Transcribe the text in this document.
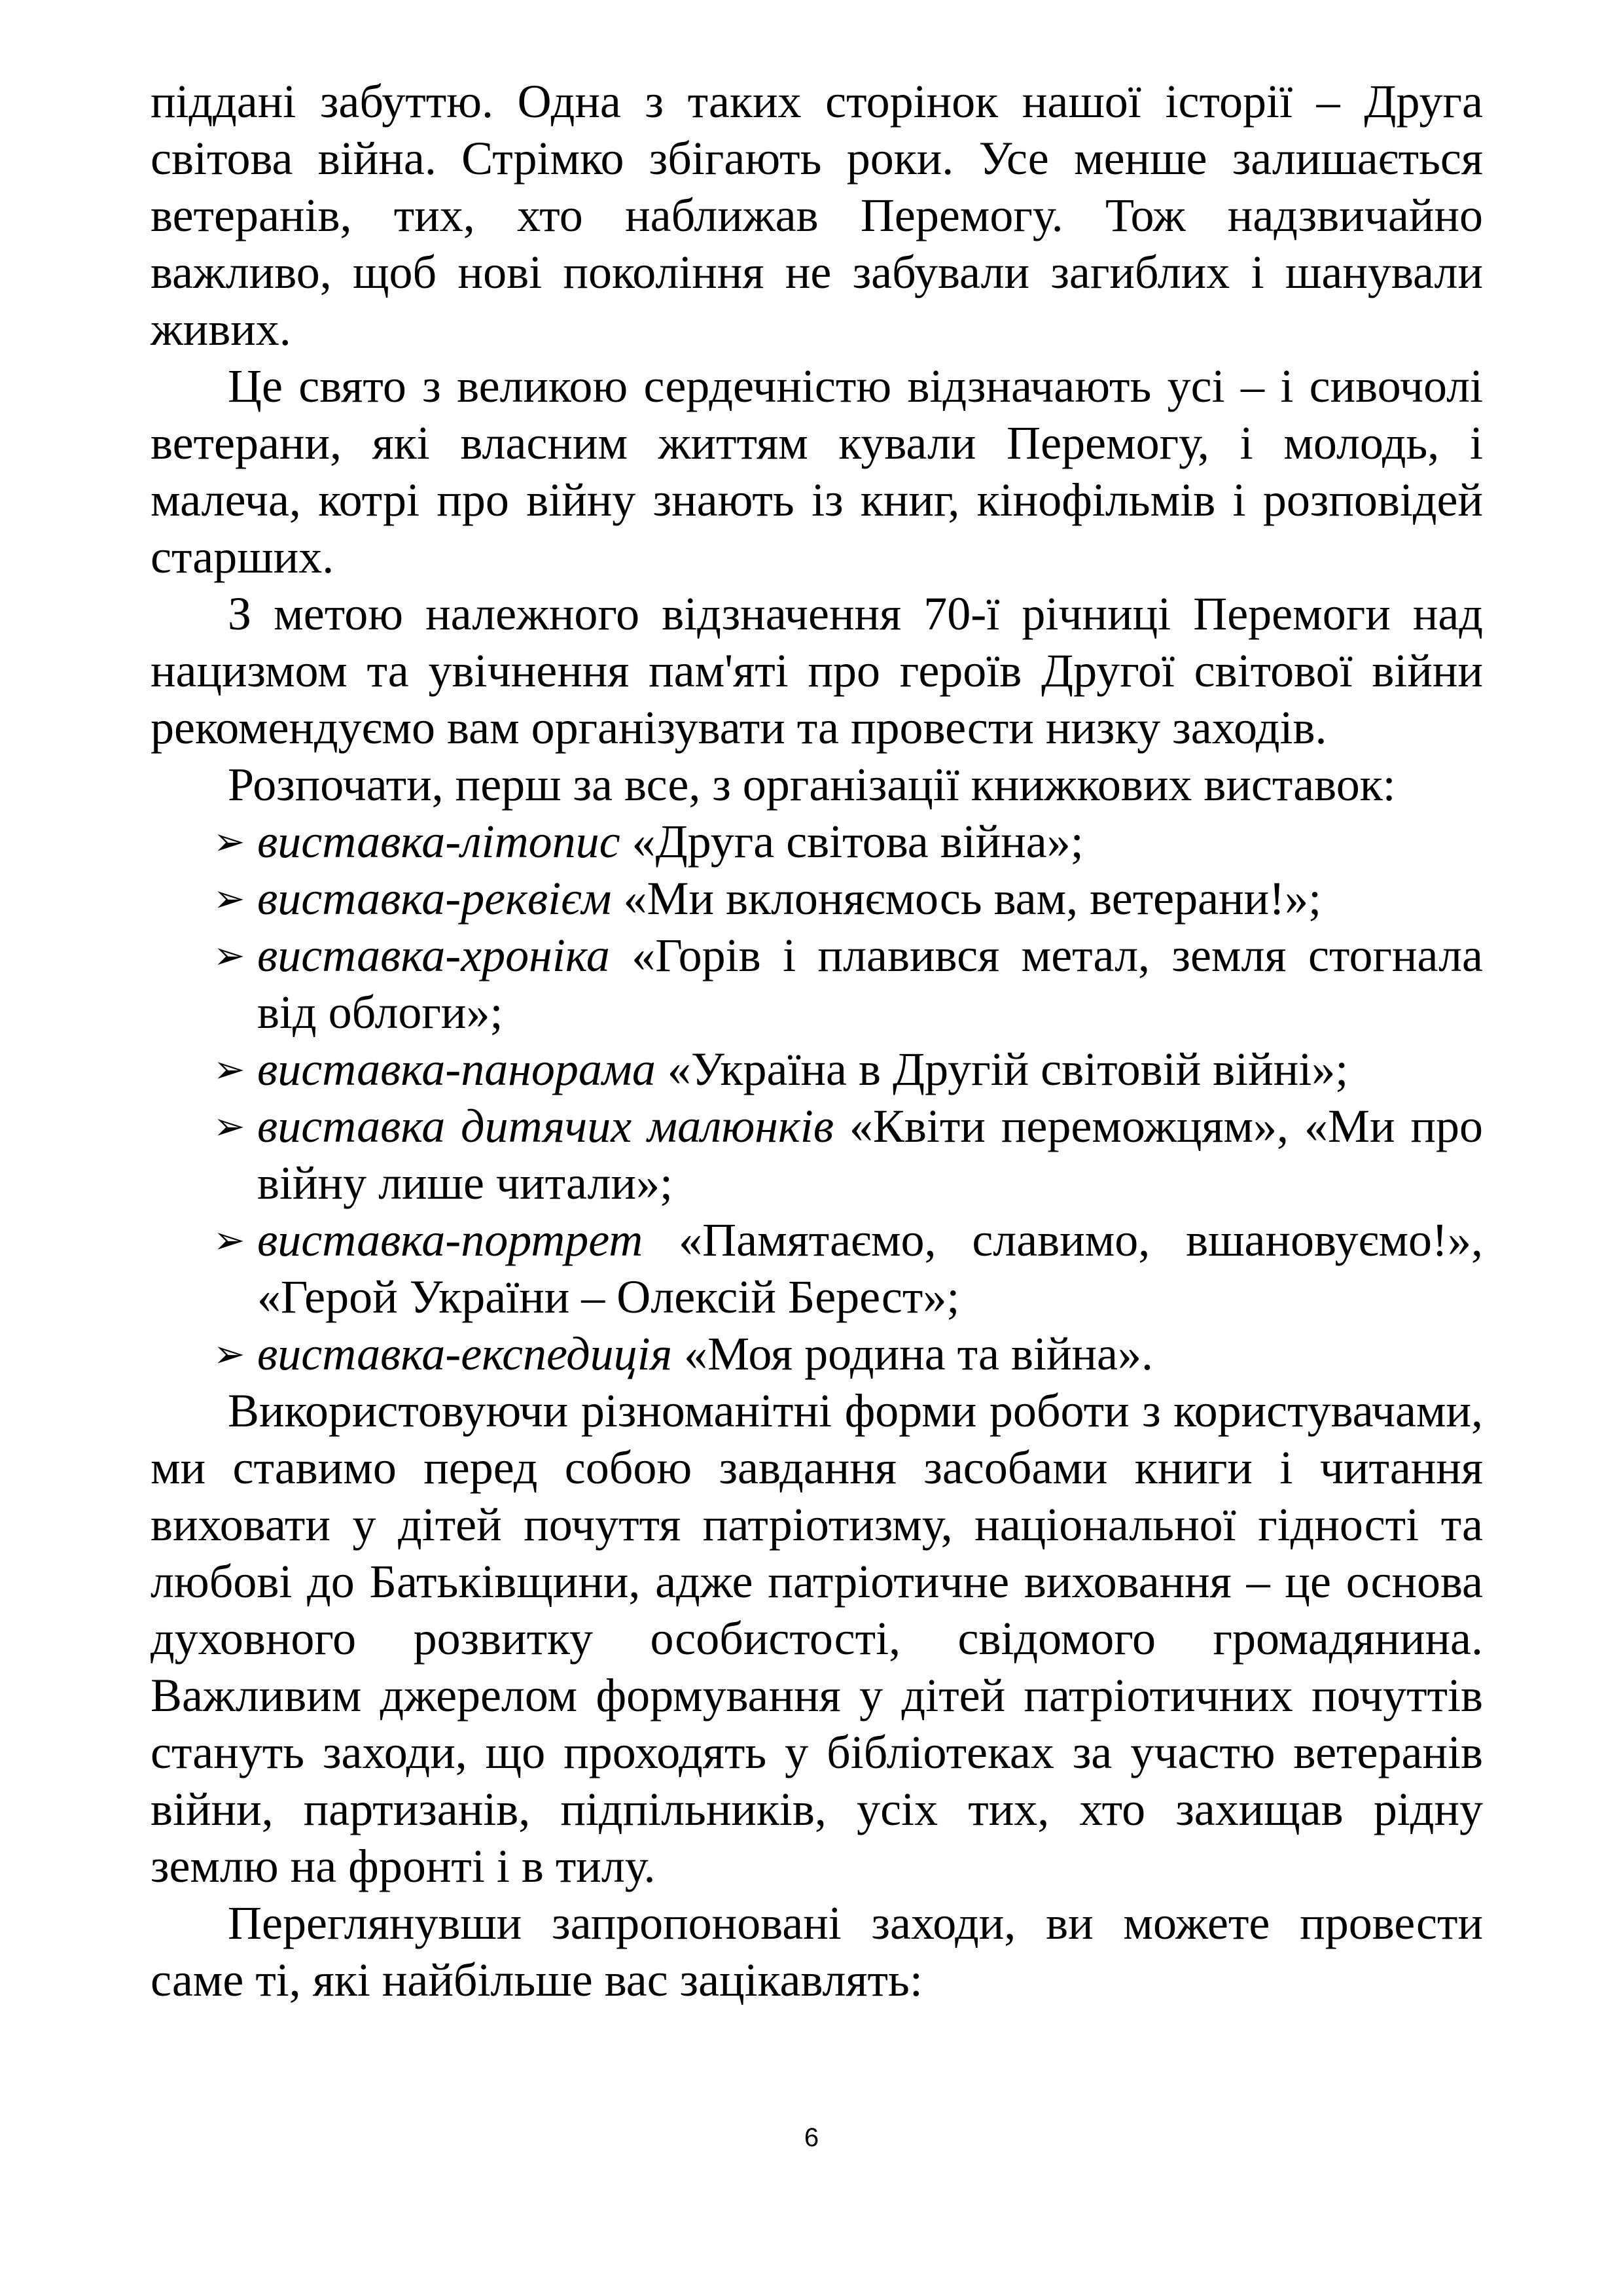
піддані забуттю. Одна з таких сторінок нашої історії – Друга світова війна. Стрімко збігають роки. Усе менше залишається ветеранів, тих, хто наближав Перемогу. Тож надзвичайно важливо, щоб нові покоління не забували загиблих і шанували живих.

Це свято з великою сердечністю відзначають усі – і сивочолі ветерани, які власним життям кували Перемогу, і молодь, і малеча, котрі про війну знають із книг, кінофільмів і розповідей старших.

З метою належного відзначення 70-ї річниці Перемоги над нацизмом та увічнення пам'яті про героїв Другої світової війни рекомендуємо вам організувати та провести низку заходів.

Розпочати, перш за все, з організації книжкових виставок:

➢ виставка-літопис «Друга світова війна»;
➢ виставка-реквієм «Ми вклоняємось вам, ветерани!»;
➢ виставка-хроніка «Горів і плавився метал, земля стогнала від облоги»;
➢ виставка-панорама «Україна в Другій світовій війні»;
➢ виставка дитячих малюнків «Квіти переможцям», «Ми про війну лише читали»;
➢ виставка-портрет «Памятаємо, славимо, вшановуємо!», «Герой України – Олексій Берест»;
➢ виставка-експедиція «Моя родина та війна».

Використовуючи різноманітні форми роботи з користувачами, ми ставимо перед собою завдання засобами книги і читання виховати у дітей почуття патріотизму, національної гідності та любові до Батьківщини, адже патріотичне виховання – це основа духовного розвитку особистості, свідомого громадянина. Важливим джерелом формування у дітей патріотичних почуттів стануть заходи, що проходять у бібліотеках за участю ветеранів війни, партизанів, підпільників, усіх тих, хто захищав рідну землю на фронті і в тилу.

Переглянувши запропоновані заходи, ви можете провести саме ті, які найбільше вас зацікавлять:

6
